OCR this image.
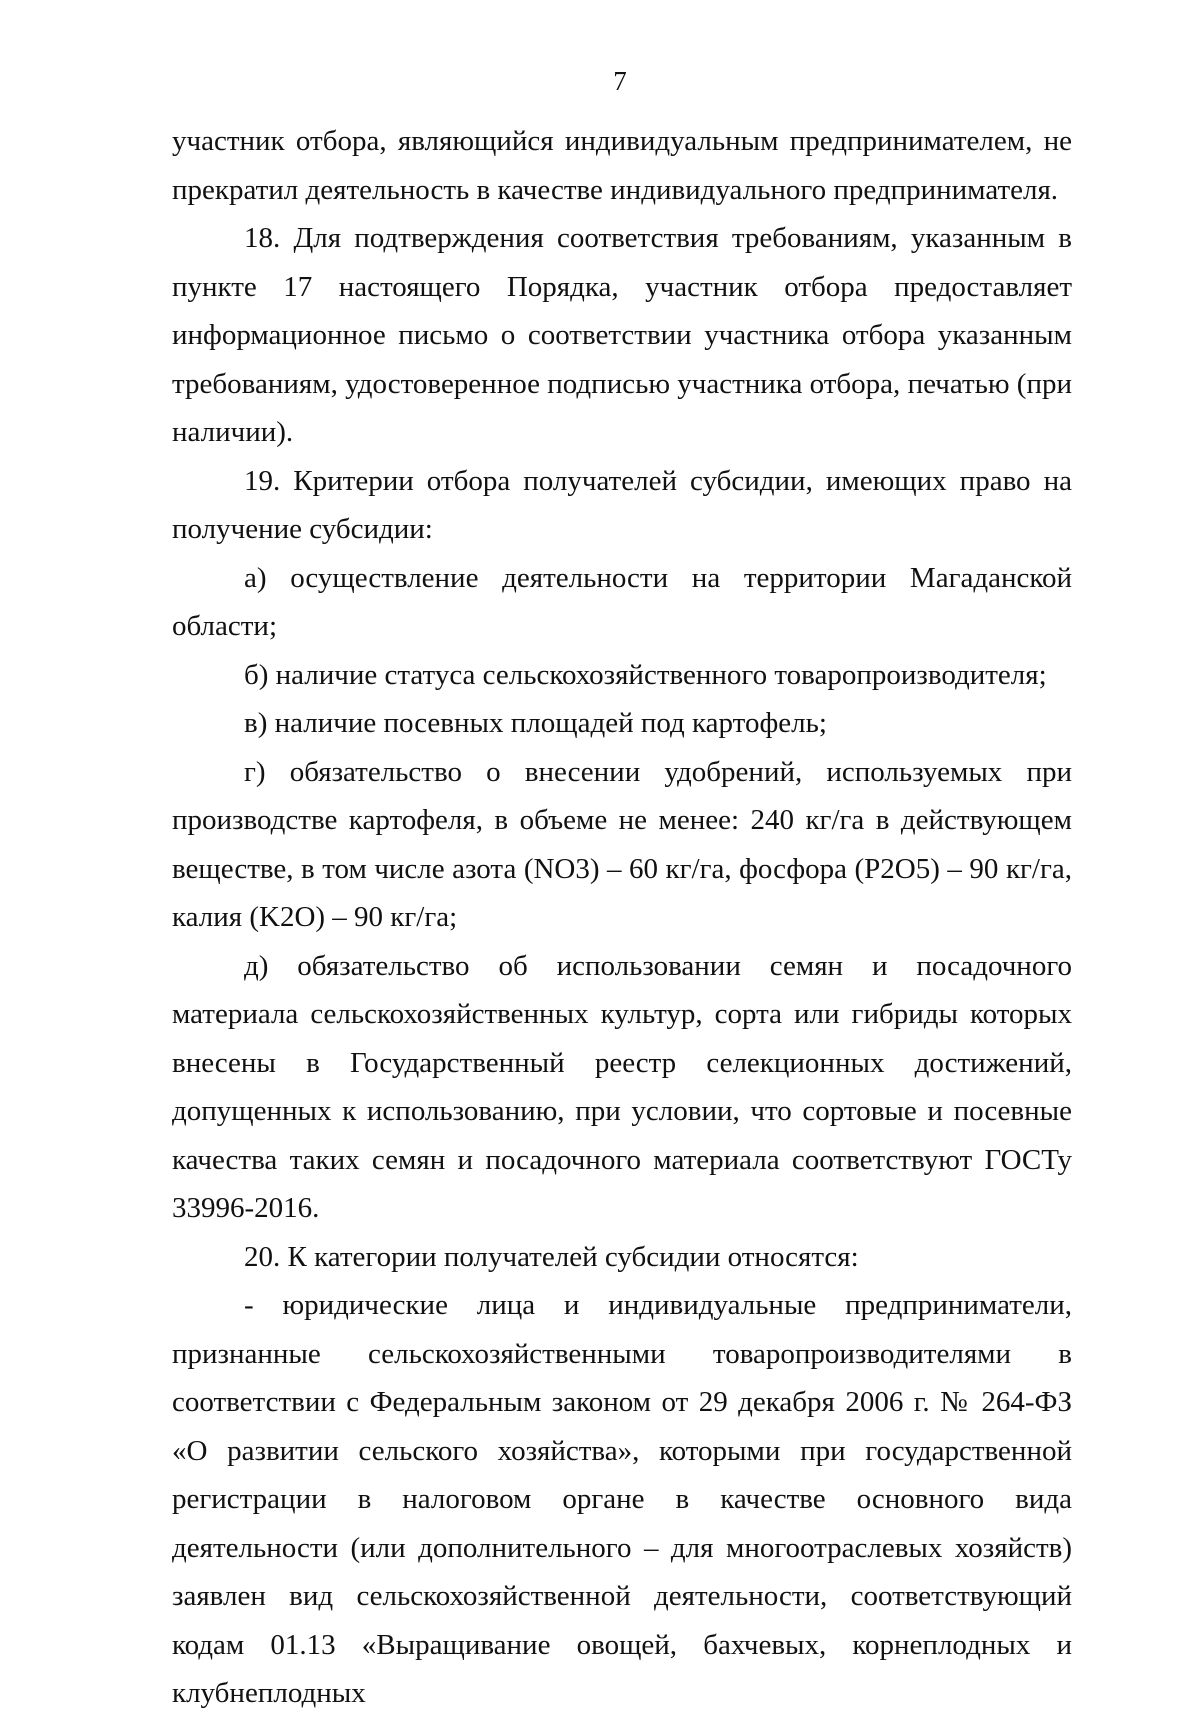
7

участник отбора, являющийся индивидуальным предпринимателем, не прекратил деятельность в качестве индивидуального предпринимателя.

18. Для подтверждения соответствия требованиям, указанным в пункте 17 настоящего Порядка, участник отбора предоставляет информационное письмо о соответствии участника отбора указанным требованиям, удостоверенное подписью участника отбора, печатью (при наличии).

19. Критерии отбора получателей субсидии, имеющих право на получение субсидии:

а) осуществление деятельности на территории Магаданской области;

б) наличие статуса сельскохозяйственного товаропроизводителя;

в) наличие посевных площадей под картофель;

г) обязательство о внесении удобрений, используемых при производстве картофеля, в объеме не менее: 240 кг/га в действующем веществе, в том числе азота (NO3) – 60 кг/га, фосфора (P2O5) – 90 кг/га, калия (K2O) – 90 кг/га;

д) обязательство об использовании семян и посадочного материала сельскохозяйственных культур, сорта или гибриды которых внесены в Государственный реестр селекционных достижений, допущенных к использованию, при условии, что сортовые и посевные качества таких семян и посадочного материала соответствуют ГОСТу 33996-2016.

20. К категории получателей субсидии относятся:

- юридические лица и индивидуальные предприниматели, признанные сельскохозяйственными товаропроизводителями в соответствии с Федеральным законом от 29 декабря 2006 г. № 264-ФЗ «О развитии сельского хозяйства», которыми при государственной регистрации в налоговом органе в качестве основного вида деятельности (или дополнительного – для многоотраслевых хозяйств) заявлен вид сельскохозяйственной деятельности, соответствующий кодам 01.13 «Выращивание овощей, бахчевых, корнеплодных и клубнеплодных
